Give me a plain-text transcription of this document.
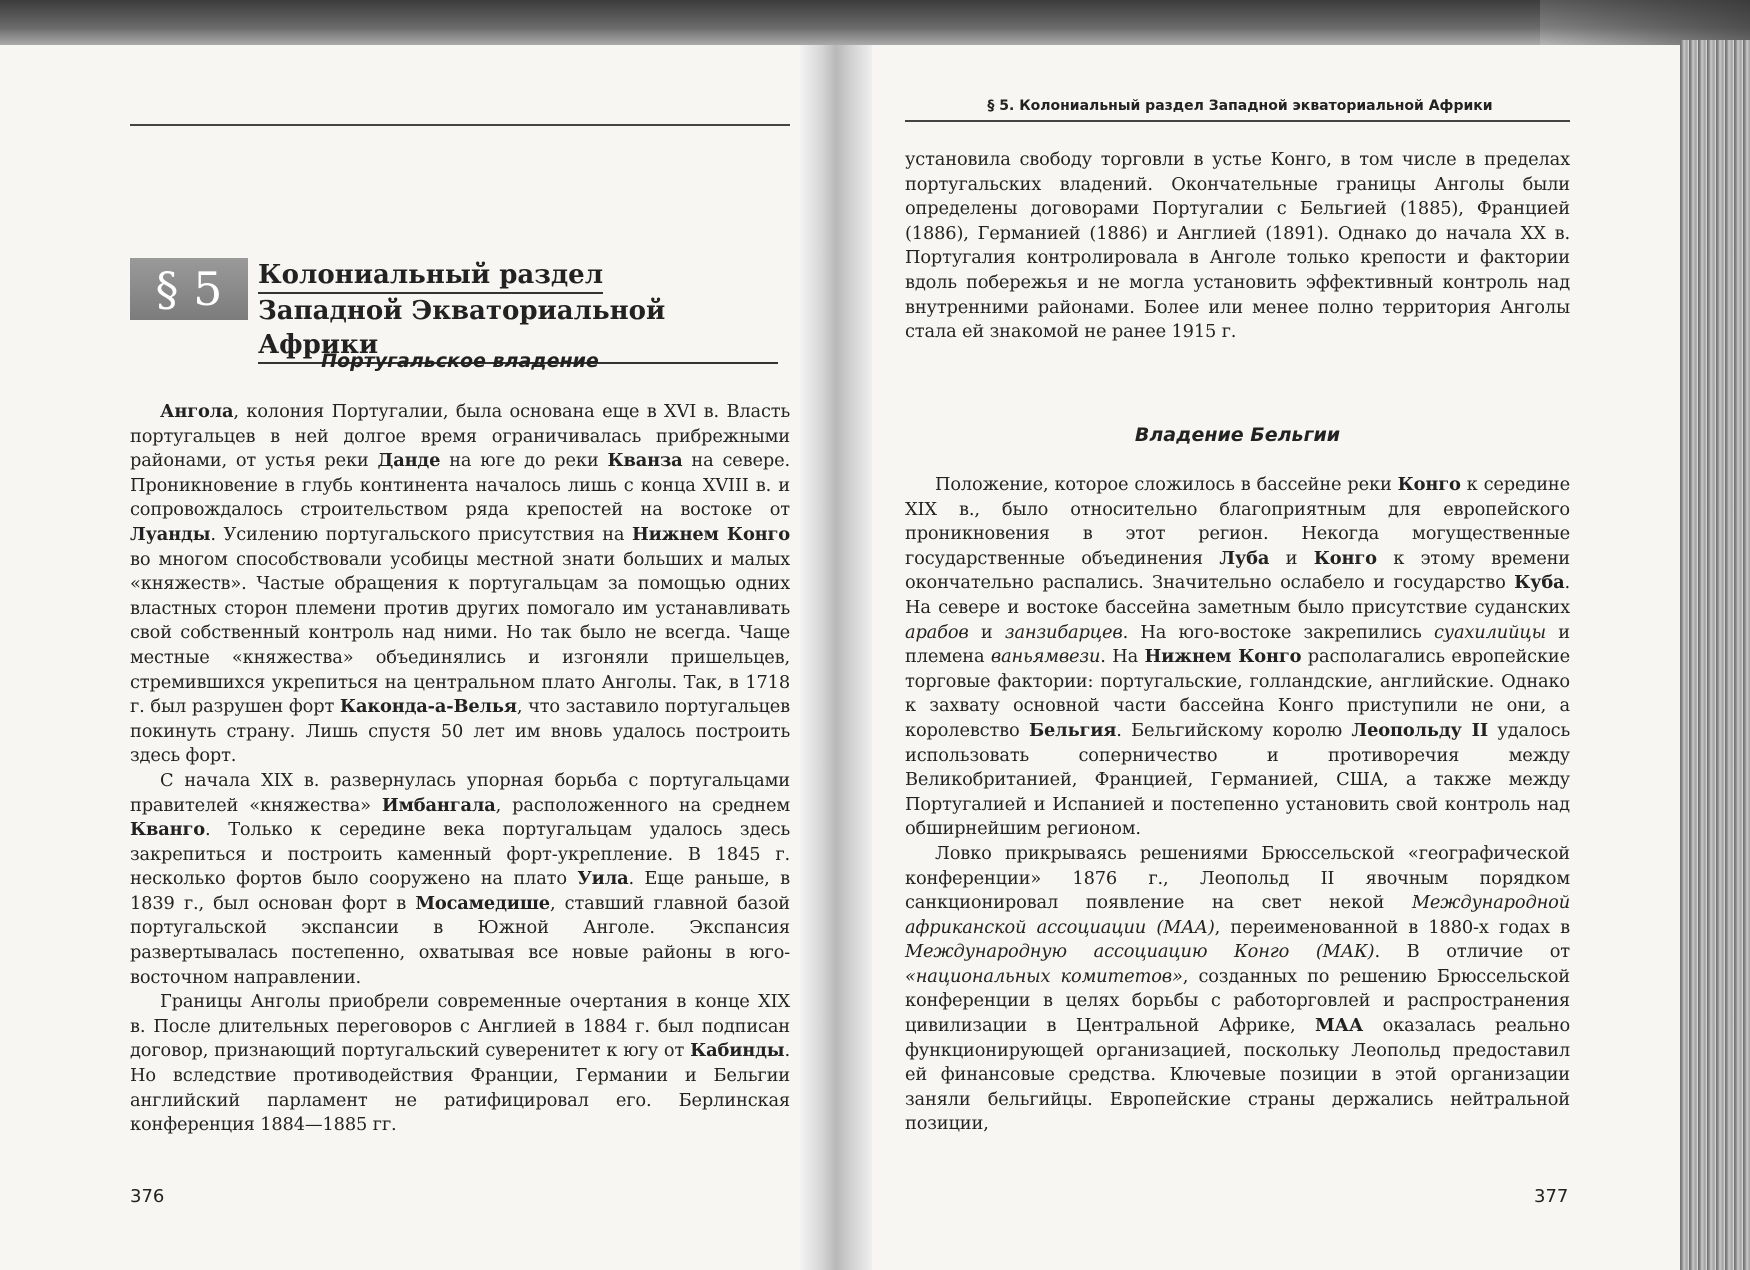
§ 5	Колониальный раздел
Западной Экваториальной Африки
Португальское владение

Ангола, колония Португалии, была основана еще в XVI в. Власть португальцев в ней долгое время ограничивалась прибрежными районами, от устья реки Данде на юге до реки Кванза на севере. Проникновение в глубь континента началось лишь с конца XVIII в. и сопровождалось строительством ряда крепостей на востоке от Луанды. Усилению португальского присутствия на Нижнем Конго во многом способствовали усобицы местной знати больших и малых «княжеств». Частые обращения к португальцам за помощью одних властных сторон племени против других помогало им устанавливать свой собственный контроль над ними. Но так было не всегда. Чаще местные «княжества» объединялись и изгоняли пришельцев, стремившихся укрепиться на центральном плато Анголы. Так, в 1718 г. был разрушен форт Каконда-а-Велья, что заставило португальцев покинуть страну. Лишь спустя 50 лет им вновь удалось построить здесь форт.

С начала XIX в. развернулась упорная борьба с португальцами правителей «княжества» Имбангала, расположенного на среднем Кванго. Только к середине века португальцам удалось здесь закрепиться и построить каменный форт-укрепление. В 1845 г. несколько фортов было сооружено на плато Уила. Еще раньше, в 1839 г., был основан форт в Мосамедише, ставший главной базой португальской экспансии в Южной Анголе. Экспансия развертывалась постепенно, охватывая все новые районы в юго-восточном направлении.

Границы Анголы приобрели современные очертания в конце XIX в. После длительных переговоров с Англией в 1884 г. был подписан договор, признающий португальский суверенитет к югу от Кабинды. Но вследствие противодействия Франции, Германии и Бельгии английский парламент не ратифицировал его. Берлинская конференция 1884—1885 гг.

376
§ 5. Колониальный раздел Западной экваториальной Африки

установила свободу торговли в устье Конго, в том числе в пределах португальских владений. Окончательные границы Анголы были определены договорами Португалии с Бельгией (1885), Францией (1886), Германией (1886) и Англией (1891). Однако до начала XX в. Португалия контролировала в Анголе только крепости и фактории вдоль побережья и не могла установить эффективный контроль над внутренними районами. Более или менее полно территория Анголы стала ей знакомой не ранее 1915 г.

Владение Бельгии

Положение, которое сложилось в бассейне реки Конго к середине XIX в., было относительно благоприятным для европейского проникновения в этот регион. Некогда могущественные государственные объединения Луба и Конго к этому времени окончательно распались. Значительно ослабело и государство Куба. На севере и востоке бассейна заметным было присутствие суданских арабов и занзибарцев. На юго-востоке закрепились суахилийцы и племена ваньямвези. На Нижнем Конго располагались европейские торговые фактории: португальские, голландские, английские. Однако к захвату основной части бассейна Конго приступили не они, а королевство Бельгия. Бельгийскому королю Леопольду II удалось использовать соперничество и противоречия между Великобританией, Францией, Германией, США, а также между Португалией и Испанией и постепенно установить свой контроль над обширнейшим регионом.

Ловко прикрываясь решениями Брюссельской «географической конференции» 1876 г., Леопольд II явочным порядком санкционировал появление на свет некой Международной африканской ассоциации (МАА), переименованной в 1880-х годах в Международную ассоциацию Конго (МАК). В отличие от «национальных комитетов», созданных по решению Брюссельской конференции в целях борьбы с работорговлей и распространения цивилизации в Центральной Африке, МАА оказалась реально функционирующей организацией, поскольку Леопольд предоставил ей финансовые средства. Ключевые позиции в этой организации заняли бельгийцы. Европейские страны держались нейтральной позиции,

377
